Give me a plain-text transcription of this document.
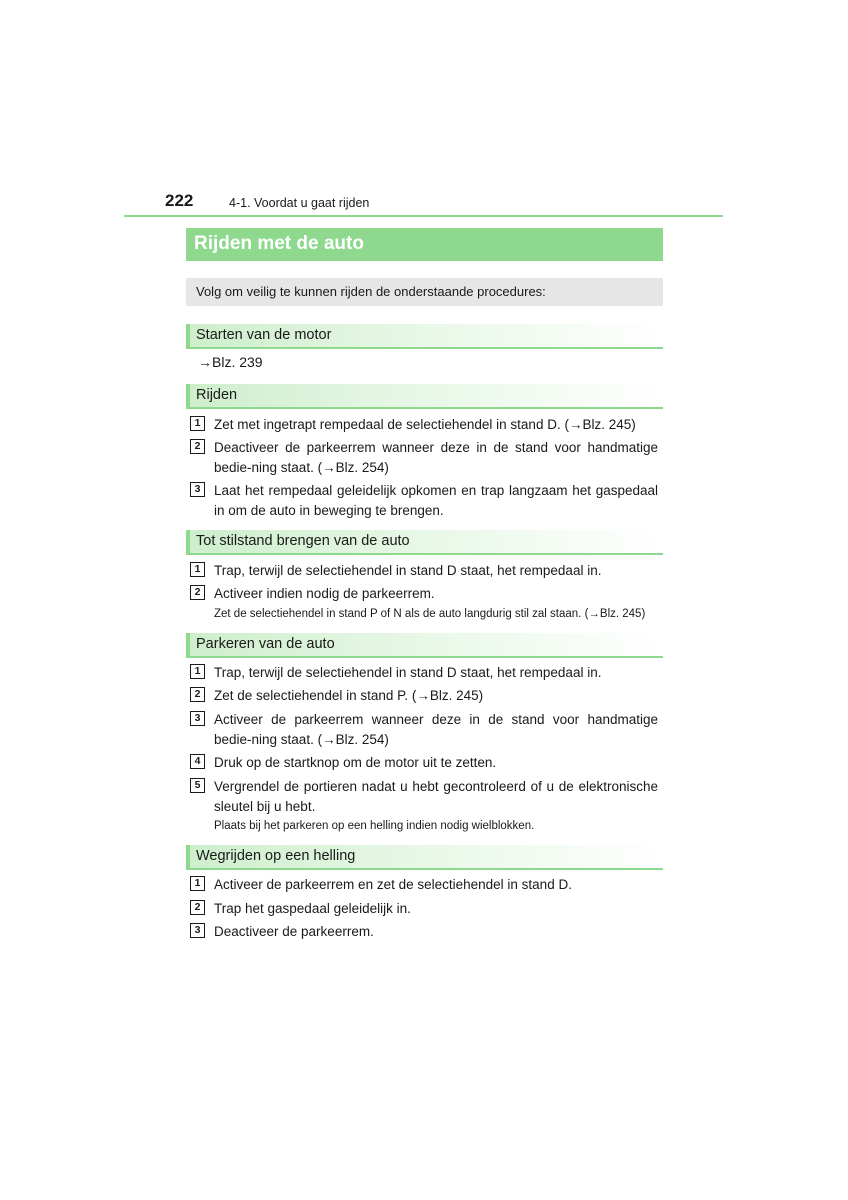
222	4-1. Voordat u gaat rijden
Rijden met de auto
Volg om veilig te kunnen rijden de onderstaande procedures:
Starten van de motor
→Blz. 239
Rijden
1	Zet met ingetrapt rempedaal de selectiehendel in stand D. (→Blz. 245)
2	Deactiveer de parkeerrem wanneer deze in de stand voor handmatige bedie-ning staat. (→Blz. 254)
3	Laat het rempedaal geleidelijk opkomen en trap langzaam het gaspedaal in om de auto in beweging te brengen.
Tot stilstand brengen van de auto
1	Trap, terwijl de selectiehendel in stand D staat, het rempedaal in.
2	Activeer indien nodig de parkeerrem.
Zet de selectiehendel in stand P of N als de auto langdurig stil zal staan. (→Blz. 245)
Parkeren van de auto
1	Trap, terwijl de selectiehendel in stand D staat, het rempedaal in.
2	Zet de selectiehendel in stand P. (→Blz. 245)
3	Activeer de parkeerrem wanneer deze in de stand voor handmatige bedie-ning staat. (→Blz. 254)
4	Druk op de startknop om de motor uit te zetten.
5	Vergrendel de portieren nadat u hebt gecontroleerd of u de elektronische sleutel bij u hebt.
Plaats bij het parkeren op een helling indien nodig wielblokken.
Wegrijden op een helling
1	Activeer de parkeerrem en zet de selectiehendel in stand D.
2	Trap het gaspedaal geleidelijk in.
3	Deactiveer de parkeerrem.
